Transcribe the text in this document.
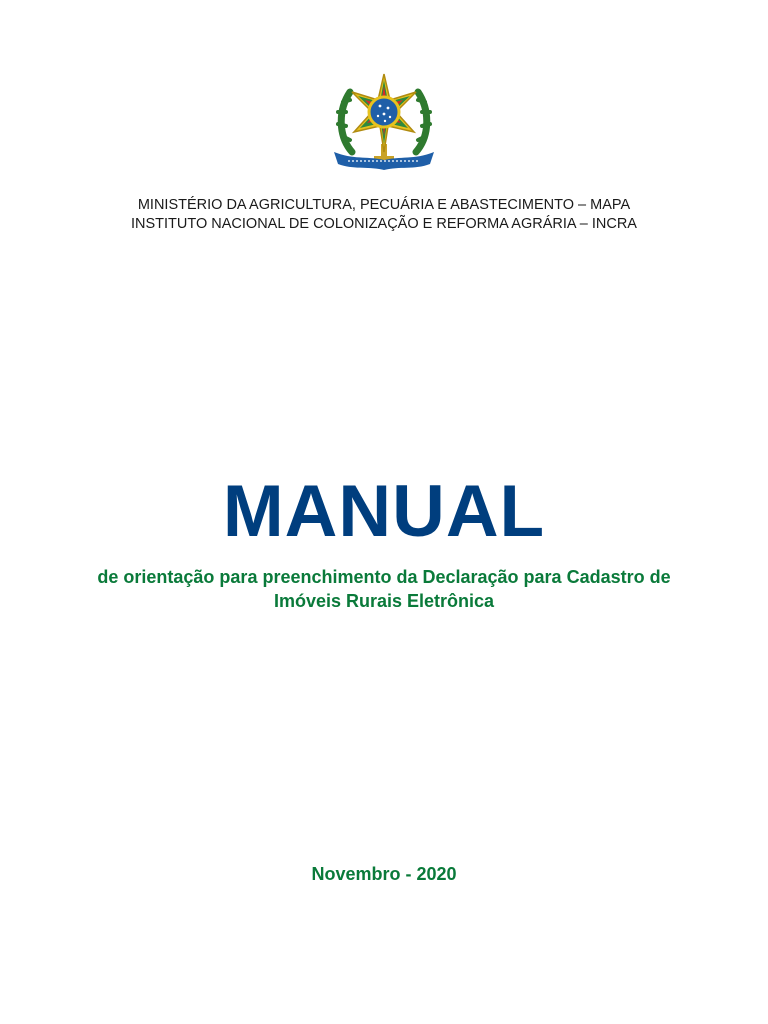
MINISTÉRIO DA AGRICULTURA, PECUÁRIA E ABASTECIMENTO – MAPA
INSTITUTO NACIONAL DE COLONIZAÇÃO E REFORMA AGRÁRIA – INCRA
MANUAL
de orientação para preenchimento da Declaração para Cadastro de
Imóveis Rurais Eletrônica
Novembro - 2020
